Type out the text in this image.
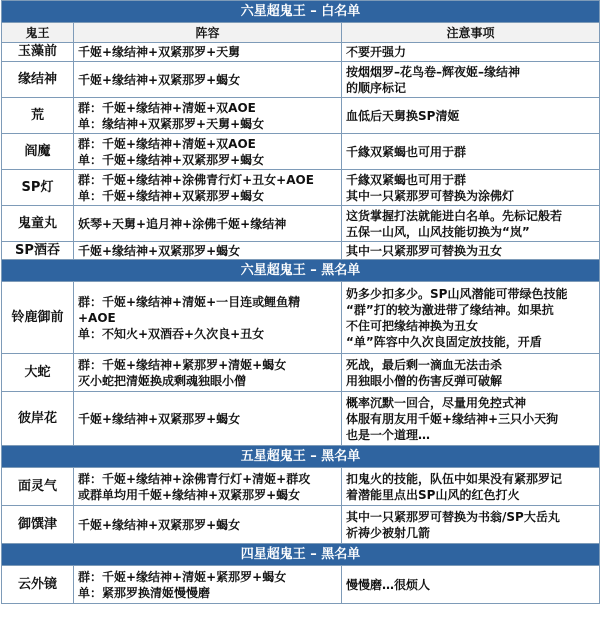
六星超鬼王 – 白名单		
鬼王	阵容	注意事项
玉藻前	千姬+缘结神+双紧那罗+天舅	不要开强力

缘结神	千姬+缘结神+双紧那罗+蝎女	按烟烟罗–花鸟卷–辉夜姬–缘结神
的顺序标记

荒	群：千姬+缘结神+清姬+双AOE
单：缘结神+双紧那罗+天舅+蝎女	血低后天舅换SP清姬

阎魔	群：千姬+缘结神+清姬+双AOE
单：千姬+缘结神+双紧那罗+蝎女	千緣双紧蝎也可用于群

SP灯	群：千姬+缘结神+涂佛青行灯+丑女+AOE
单：千姬+缘结神+双紧那罗+蝎女	千緣双紧蝎也可用于群
其中一只紧那罗可替换为涂佛灯

鬼童丸	妖琴+天舅+追月神+涂佛千姬+缘结神	这货掌握打法就能进白名单。先标记般若
五保一山风，山风技能切换为“岚”

SP酒吞	千姬+缘结神+双紧那罗+蝎女	其中一只紧那罗可替换为丑女

六星超鬼王 – 黑名单		
铃鹿御前	群：千姬+缘结神+清姬+一目连或鲤鱼精
+AOE
单：不知火+双酒吞+久次良+丑女	奶多少扣多少。SP山风潜能可带绿色技能
“群”打的较为激进带了缘结神。如果抗
不住可把缘结神换为丑女
“单”阵容中久次良固定放技能，开盾

大蛇	群：千姬+缘结神+紧那罗+清姬+蝎女
灭小蛇把清姬换成剩魂独眼小僧	死战，最后剩一滴血无法击杀
用独眼小僧的伤害反弹可破解

彼岸花	千姬+缘结神+双紧那罗+蝎女	概率沉默一回合，尽量用免控式神
体服有朋友用千姬+缘结神+三只小天狗
也是一个道理…

五星超鬼王 – 黑名单		
面灵气	群：千姬+缘结神+涂佛青行灯+清姬+群攻
或群单均用千姬+缘结神+双紧那罗+蝎女	扣鬼火的技能，队伍中如果没有紧那罗记
着潜能里点出SP山风的红色打火

御馔津	千姬+缘结神+双紧那罗+蝎女	其中一只紧那罗可替换为书翁/SP大岳丸
祈祷少被射几箭

四星超鬼王 – 黑名单		
云外镜	群：千姬+缘结神+清姬+紧那罗+蝎女
单：紧那罗换清姬慢慢磨	慢慢磨…很烦人
